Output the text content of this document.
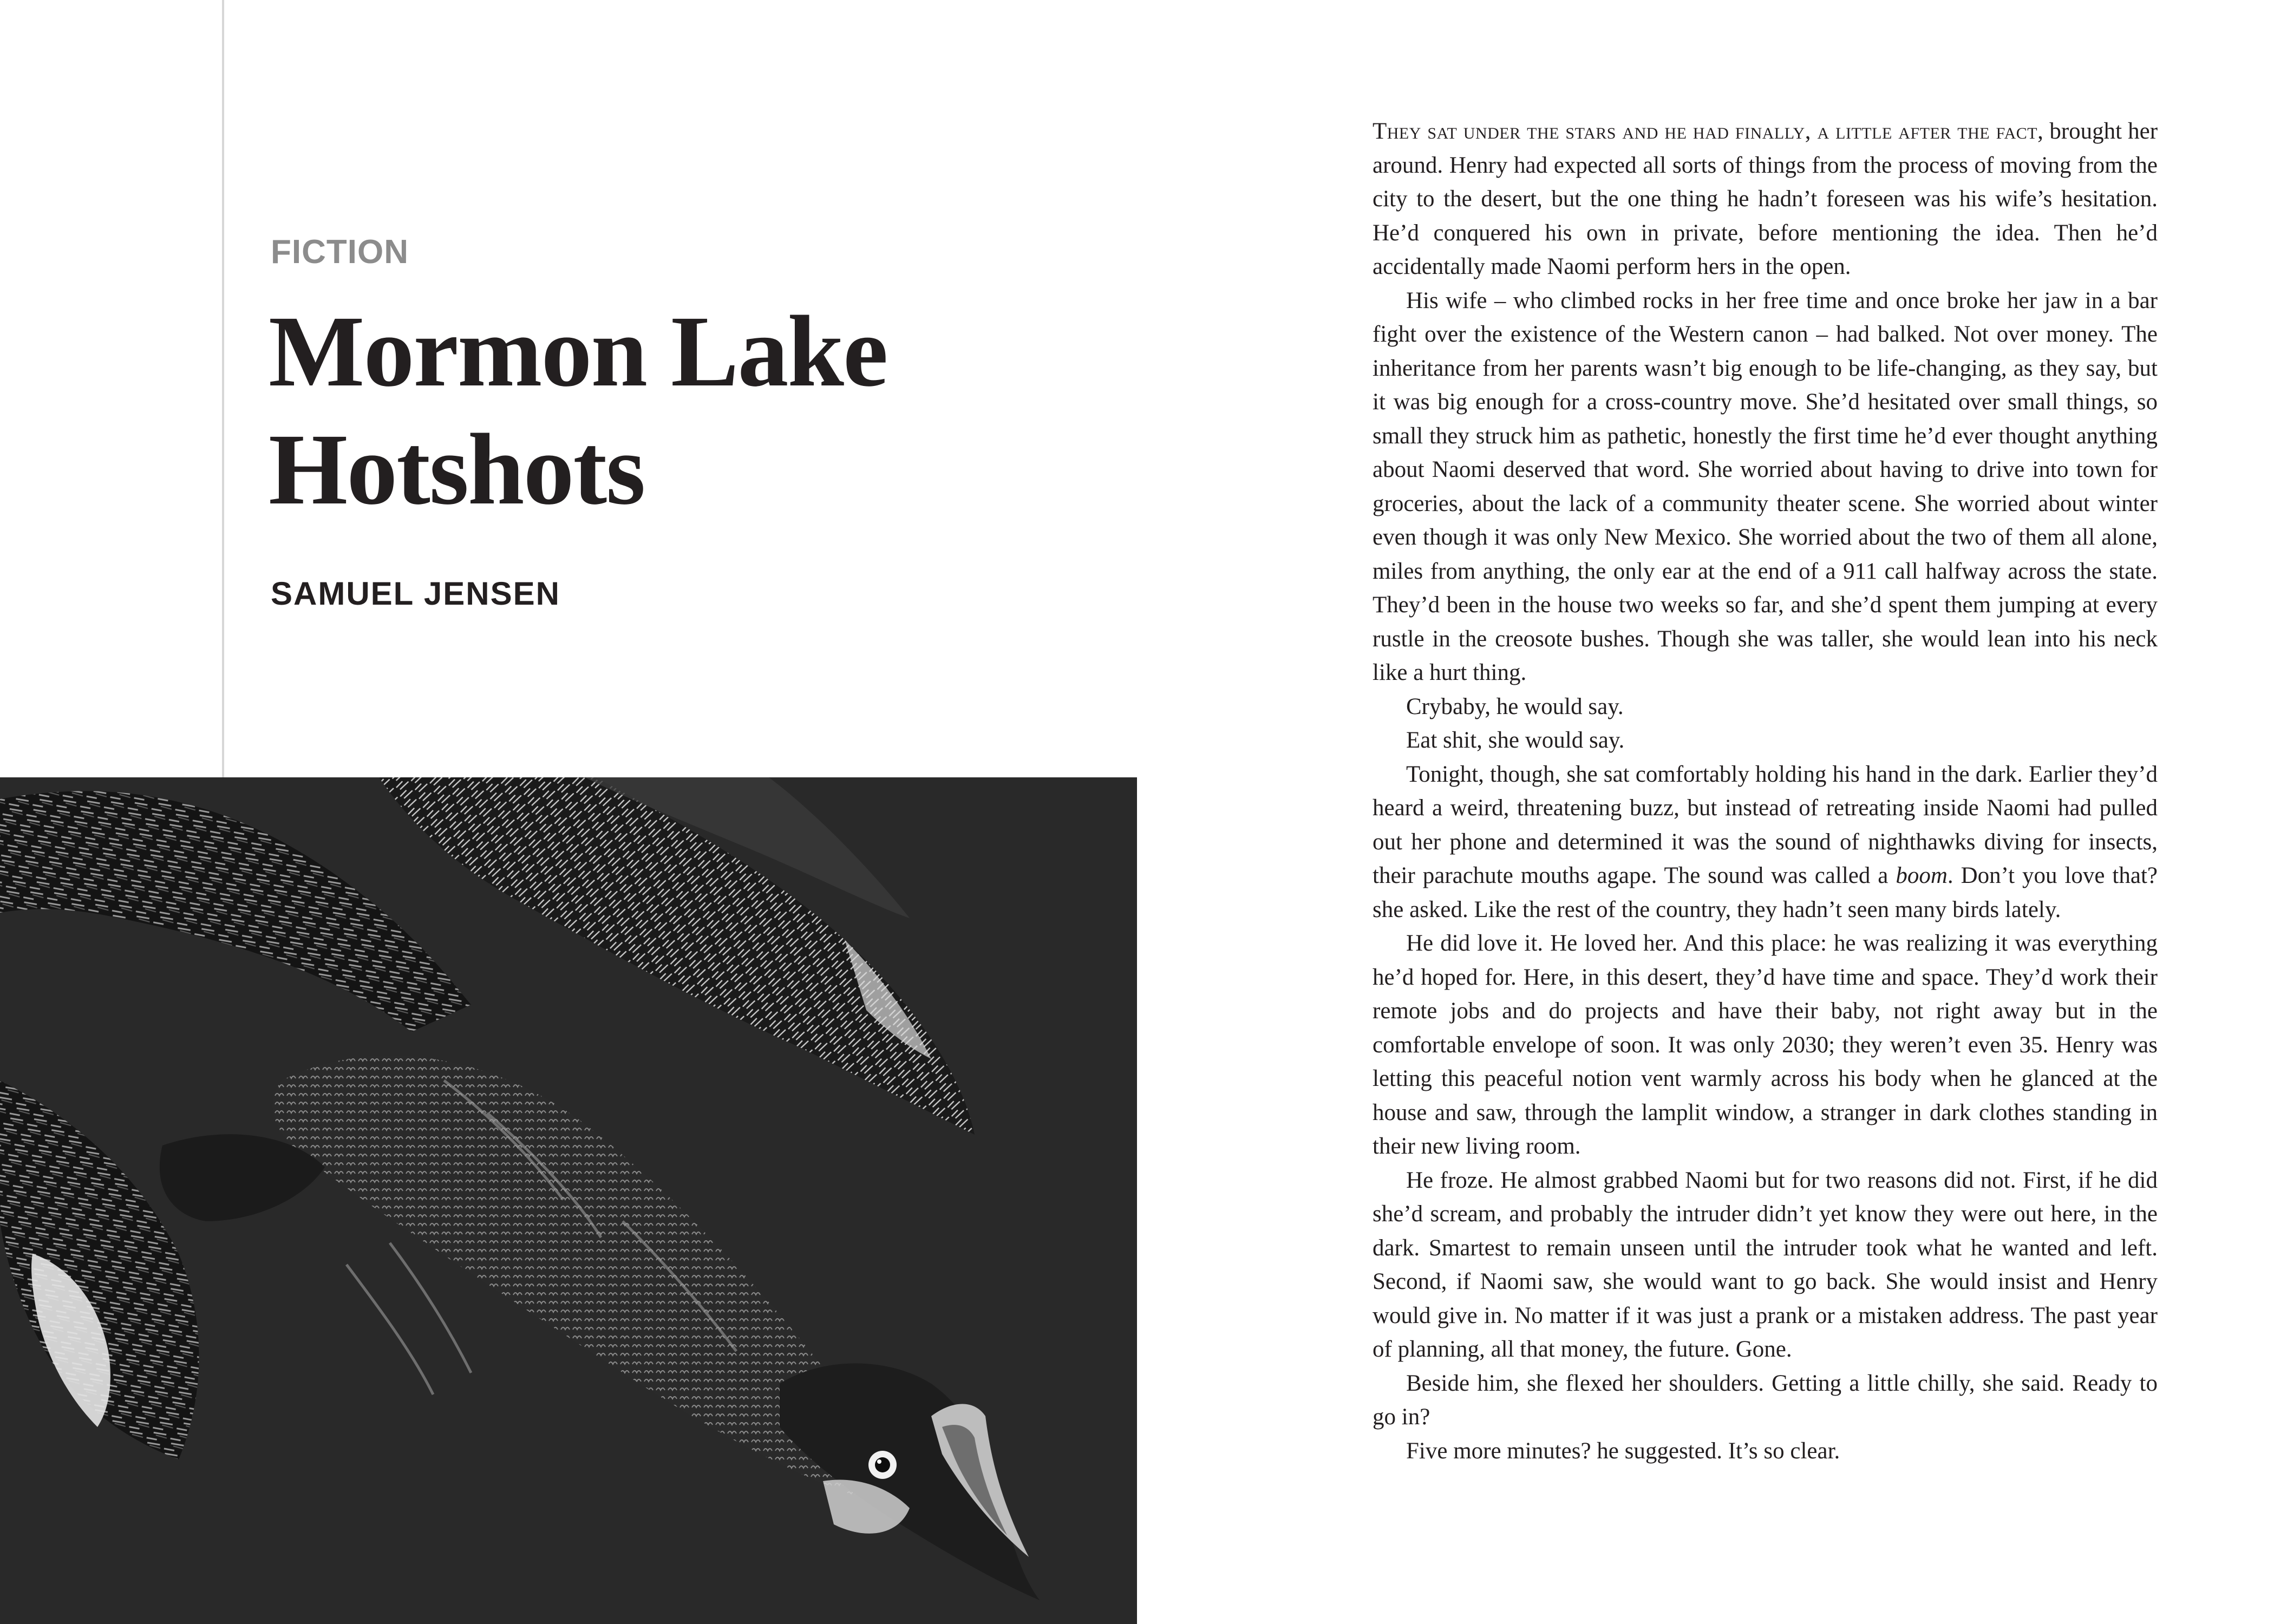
FICTION
Mormon Lake
Hotshots
SAMUEL JENSEN

They sat under the stars and he had finally, a little after the fact, brought her around. Henry had expected all sorts of things from the process of moving from the city to the desert, but the one thing he hadn’t foreseen was his wife’s hesitation. He’d conquered his own in private, before mentioning the idea. Then he’d accidentally made Naomi perform hers in the open.

His wife – who climbed rocks in her free time and once broke her jaw in a bar fight over the existence of the Western canon – had balked. Not over money. The inheritance from her parents wasn’t big enough to be life-changing, as they say, but it was big enough for a cross-country move. She’d hesitated over small things, so small they struck him as pathetic, honestly the first time he’d ever thought anything about Naomi deserved that word. She worried about having to drive into town for groceries, about the lack of a community theater scene. She worried about winter even though it was only New Mexico. She worried about the two of them all alone, miles from anything, the only ear at the end of a 911 call halfway across the state. They’d been in the house two weeks so far, and she’d spent them jumping at every rustle in the creosote bushes. Though she was taller, she would lean into his neck like a hurt thing.

Crybaby, he would say.

Eat shit, she would say.

Tonight, though, she sat comfortably holding his hand in the dark. Earlier they’d heard a weird, threatening buzz, but instead of retreating inside Naomi had pulled out her phone and determined it was the sound of nighthawks diving for insects, their parachute mouths agape. The sound was called a boom. Don’t you love that? she asked. Like the rest of the country, they hadn’t seen many birds lately.

He did love it. He loved her. And this place: he was realizing it was everything he’d hoped for. Here, in this desert, they’d have time and space. They’d work their remote jobs and do projects and have their baby, not right away but in the comfortable envelope of soon. It was only 2030; they weren’t even 35. Henry was letting this peaceful notion vent warmly across his body when he glanced at the house and saw, through the lamplit window, a stranger in dark clothes standing in their new living room.

He froze. He almost grabbed Naomi but for two reasons did not. First, if he did she’d scream, and probably the intruder didn’t yet know they were out here, in the dark. Smartest to remain unseen until the intruder took what he wanted and left. Second, if Naomi saw, she would want to go back. She would insist and Henry would give in. No matter if it was just a prank or a mistaken address. The past year of planning, all that money, the future. Gone.

Beside him, she flexed her shoulders. Getting a little chilly, she said. Ready to go in?

Five more minutes? he suggested. It’s so clear.
